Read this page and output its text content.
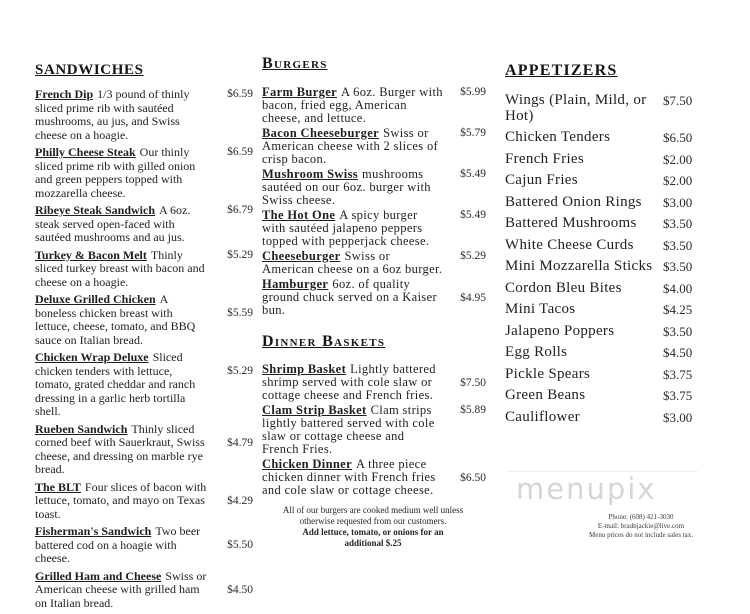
SANDWICHES
French Dip 1/3 pound of thinly sliced prime rib with sautéed mushrooms, au jus, and Swiss cheese on a hoagie.
$6.59
Philly Cheese Steak Our thinly sliced prime rib with gilled onion and green peppers topped with mozzarella cheese.
$6.59
Ribeye Steak Sandwich A 6oz. steak served open-faced with sautéed mushrooms and au jus.
$6.79
Turkey & Bacon Melt Thinly sliced turkey breast with bacon and cheese on a hoagie.
$5.29
Deluxe Grilled Chicken A boneless chicken breast with lettuce, cheese, tomato, and BBQ sauce on Italian bread.
$5.59
Chicken Wrap Deluxe Sliced chicken tenders with lettuce, tomato, grated cheddar and ranch dressing in a garlic herb tortilla shell.
$5.29
Rueben Sandwich Thinly sliced corned beef with Sauerkraut, Swiss cheese, and dressing on marble rye bread.
$4.79
The BLT Four slices of bacon with lettuce, tomato, and mayo on Texas toast.
$4.29
Fisherman's Sandwich Two beer battered cod on a hoagie with cheese.
$5.50
Grilled Ham and Cheese Swiss or American cheese with grilled ham on Italian bread.
$4.50
Burgers
Farm Burger A 6oz. Burger with bacon, fried egg, American cheese, and lettuce.
$5.99
Bacon Cheeseburger Swiss or American cheese with 2 slices of crisp bacon.
$5.79
Mushroom Swiss mushrooms sautéed on our 6oz. burger with Swiss cheese.
$5.49
The Hot One A spicy burger with sautéed jalapeno peppers topped with pepperjack cheese.
$5.49
Cheeseburger Swiss or American cheese on a 6oz burger.
$5.29
Hamburger 6oz. of quality ground chuck served on a Kaiser bun.
$4.95
Dinner Baskets
Shrimp Basket Lightly battered shrimp served with cole slaw or cottage cheese and French fries.
$7.50
Clam Strip Basket Clam strips lightly battered served with cole slaw or cottage cheese and French Fries.
$5.89
Chicken Dinner A three piece chicken dinner with French fries and cole slaw or cottage cheese.
$6.50
APPETIZERS
Wings (Plain, Mild, or Hot)
$7.50
Chicken Tenders	$6.50
French Fries	$2.00
Cajun Fries	$2.00
Battered Onion Rings	$3.00
Battered Mushrooms	$3.50
White Cheese Curds	$3.50
Mini Mozzarella Sticks $3.50
Cordon Bleu Bites	$4.00
Mini Tacos	$4.25
Jalapeno Poppers	$3.50
Egg Rolls	$4.50
Pickle Spears	$3.75
Green Beans	$3.75
Cauliflower	$3.00
All of our burgers are cooked medium well unless
otherwise requested from our customers.
Add lettuce, tomato, or onions for an
additional $.25
menupix
Phone: (608) 421-3030
E-mail: bradnjackie@live.com
Menu prices do not include sales tax.
